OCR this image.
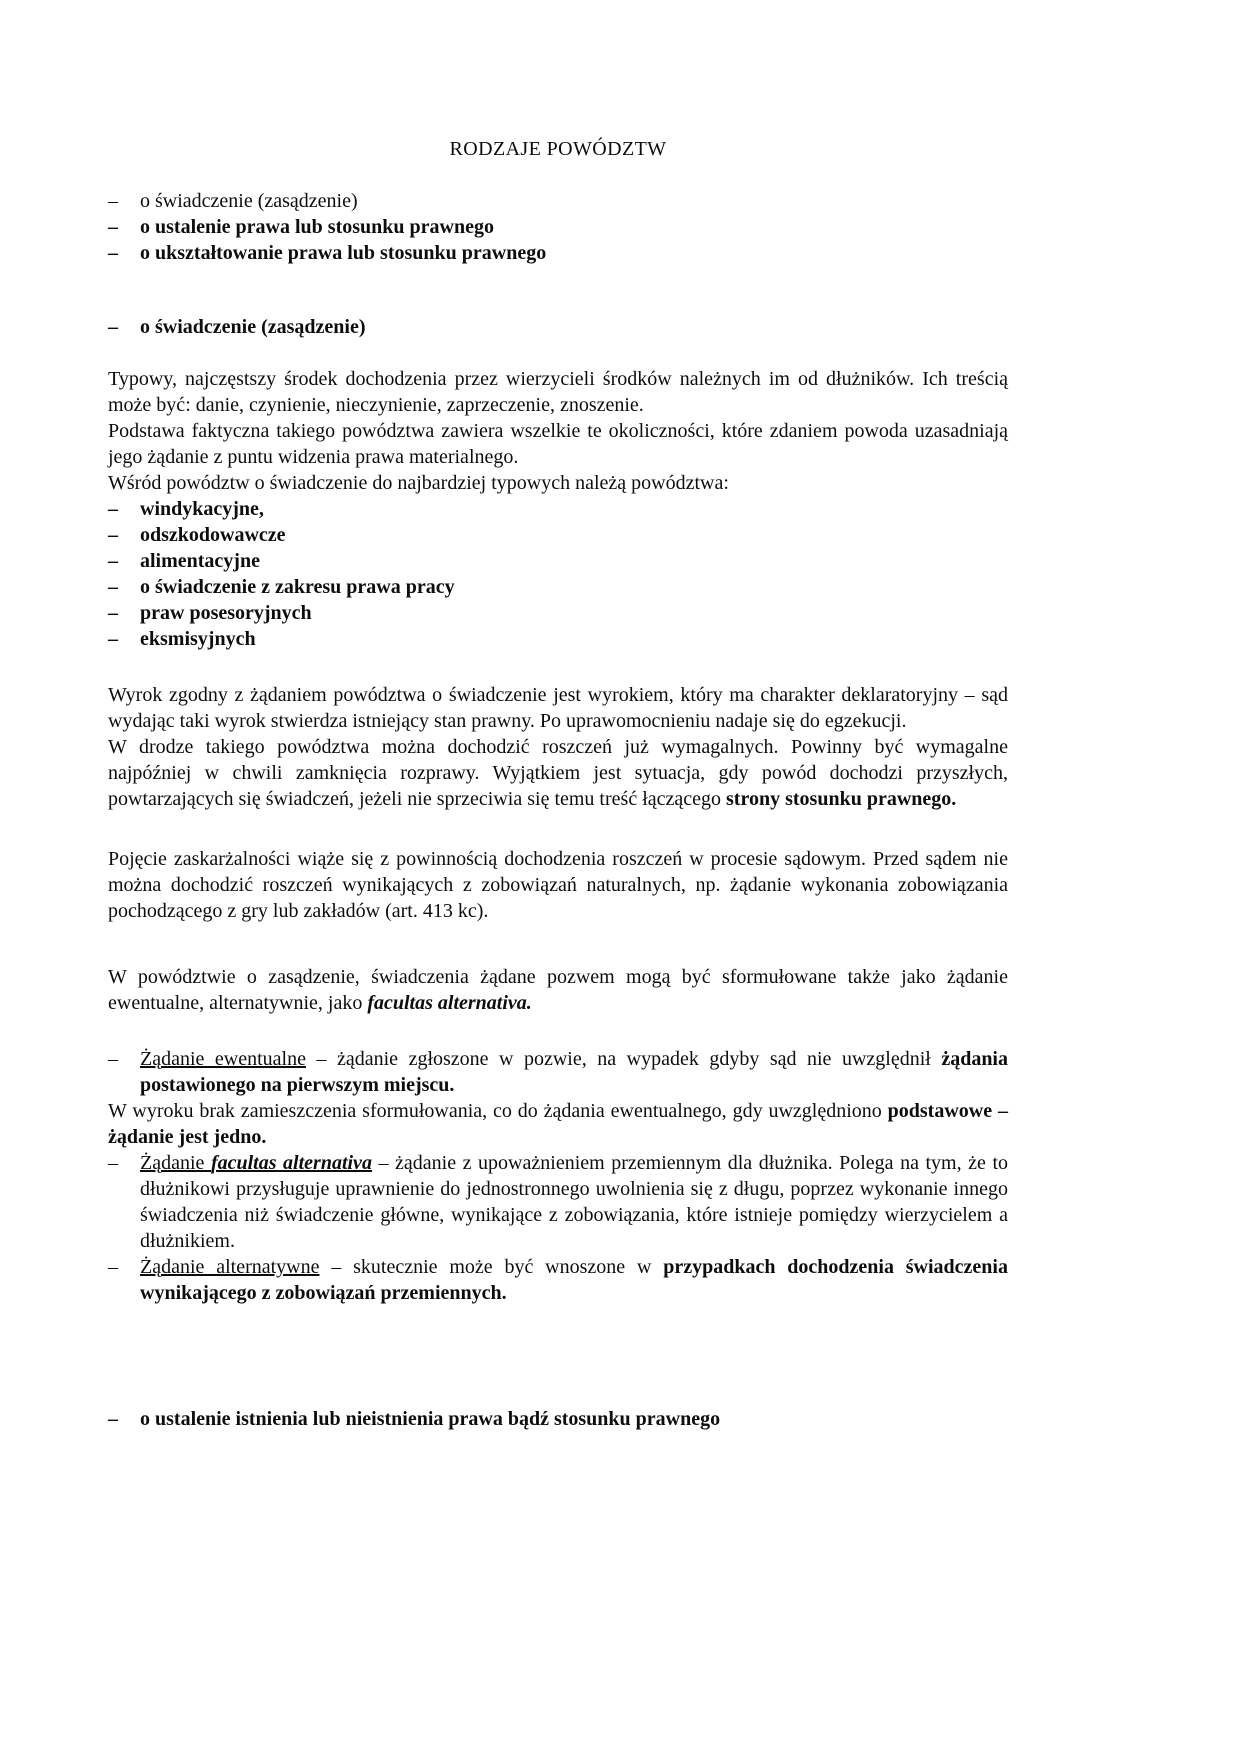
RODZAJE POWÓDZTW
–	o świadczenie (zasądzenie)
–	o ustalenie prawa lub stosunku prawnego
–	o ukształtowanie prawa lub stosunku prawnego
–	o świadczenie (zasądzenie)

Typowy, najczęstszy środek dochodzenia przez wierzycieli środków należnych im od dłużników. Ich treścią może być: danie, czynienie, nieczynienie, zaprzeczenie, znoszenie.

Podstawa faktyczna takiego powództwa zawiera wszelkie te okoliczności, które zdaniem powoda uzasadniają jego żądanie z puntu widzenia prawa materialnego.

Wśród powództw o świadczenie do najbardziej typowych należą powództwa:

–	windykacyjne,
–	odszkodowawcze
–	alimentacyjne
–	o świadczenie z zakresu prawa pracy
–	praw posesoryjnych
–	eksmisyjnych

Wyrok zgodny z żądaniem powództwa o świadczenie jest wyrokiem, który ma charakter deklaratoryjny – sąd wydając taki wyrok stwierdza istniejący stan prawny. Po uprawomocnieniu nadaje się do egzekucji.

W drodze takiego powództwa można dochodzić roszczeń już wymagalnych. Powinny być wymagalne najpóźniej w chwili zamknięcia rozprawy. Wyjątkiem jest sytuacja, gdy powód dochodzi przyszłych, powtarzających się świadczeń, jeżeli nie sprzeciwia się temu treść łączącego strony stosunku prawnego.

Pojęcie zaskarżalności wiąże się z powinnością dochodzenia roszczeń w procesie sądowym. Przed sądem nie można dochodzić roszczeń wynikających z zobowiązań naturalnych, np. żądanie wykonania zobowiązania pochodzącego z gry lub zakładów (art. 413 kc).

W powództwie o zasądzenie, świadczenia żądane pozwem mogą być sformułowane także jako żądanie ewentualne, alternatywnie, jako facultas alternativa.

–	Żądanie ewentualne – żądanie zgłoszone w pozwie, na wypadek gdyby sąd nie uwzględnił żądania postawionego na pierwszym miejscu.

W wyroku brak zamieszczenia sformułowania, co do żądania ewentualnego, gdy uwzględniono podstawowe – żądanie jest jedno.

–	Żądanie facultas alternativa – żądanie z upoważnieniem przemiennym dla dłużnika. Polega na tym, że to dłużnikowi przysługuje uprawnienie do jednostronnego uwolnienia się z długu, poprzez wykonanie innego świadczenia niż świadczenie główne, wynikające z zobowiązania, które istnieje pomiędzy wierzycielem a dłużnikiem.
–	Żądanie alternatywne – skutecznie może być wnoszone w przypadkach dochodzenia świadczenia wynikającego z zobowiązań przemiennych.
–	o ustalenie istnienia lub nieistnienia prawa bądź stosunku prawnego
